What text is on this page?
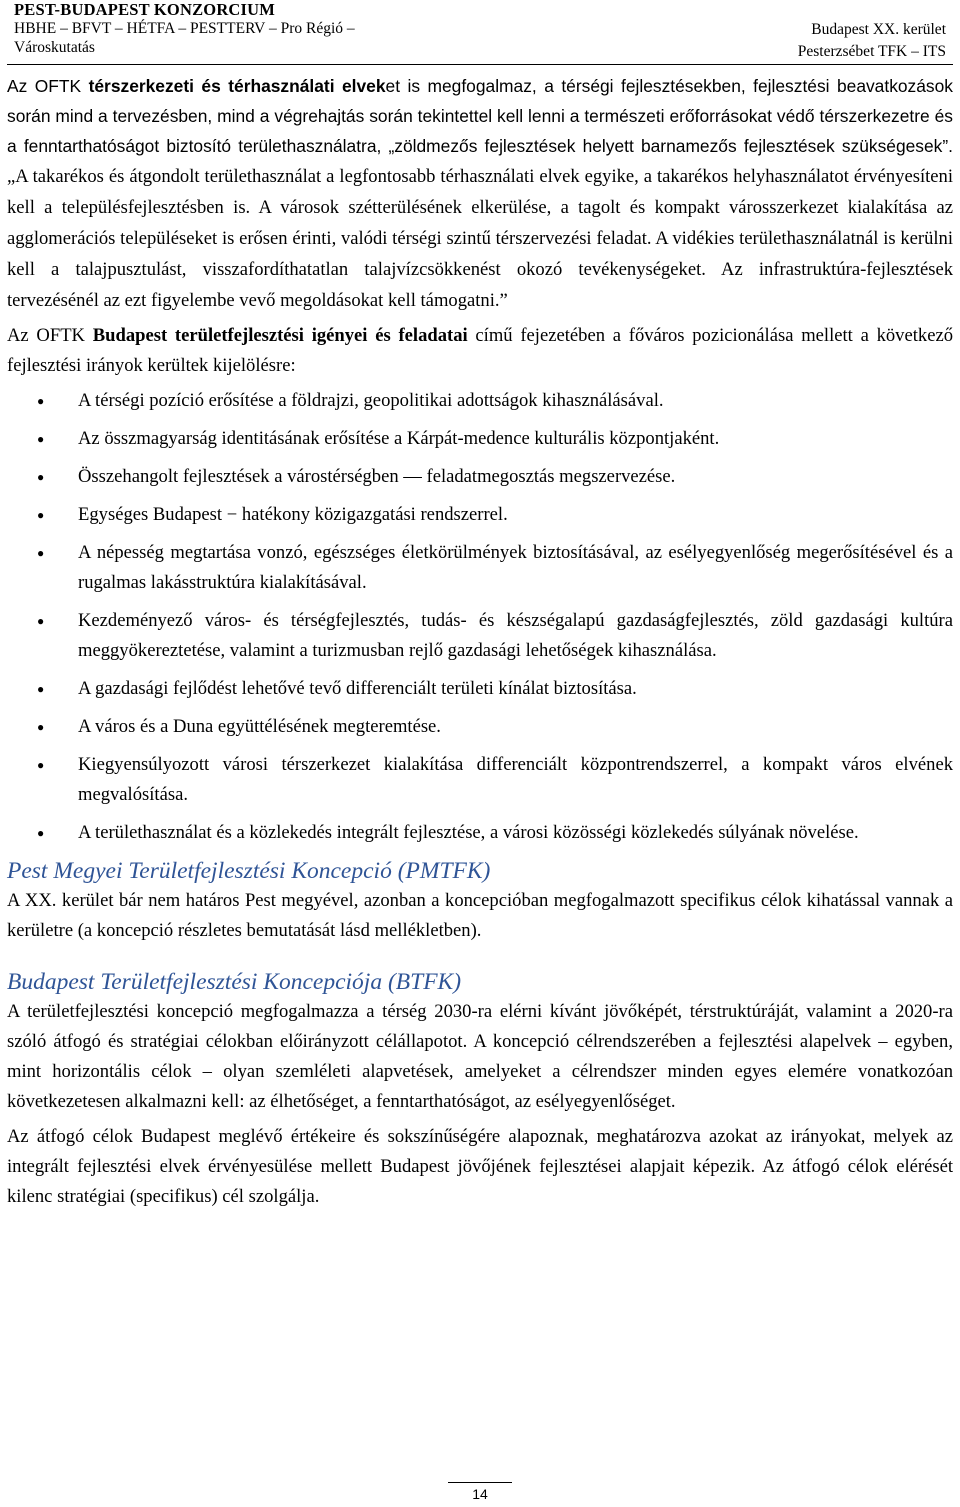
PEST-BUDAPEST KONZORCIUM
HBHE – BFVT – HÉTFA – PESTTERV – Pro Régió –
Városkutatás
Budapest XX. kerület
Pesterzsébet TFK – ITS

Az OFTK térszerkezeti és térhasználati elveket is megfogalmaz, a térségi fejlesztésekben, fejlesztési beavatkozások során mind a tervezésben, mind a végrehajtás során tekintettel kell lenni a természeti erőforrásokat védő térszerkezetre és a fenntarthatóságot biztosító területhasználatra, „zöldmezős fejlesztések helyett barnamezős fejlesztések szükségesek”. „A takarékos és átgondolt területhasználat a legfontosabb térhasználati elvek egyike, a takarékos helyhasználatot érvényesíteni kell a településfejlesztésben is. A városok szétterülésének elkerülése, a tagolt és kompakt városszerkezet kialakítása az agglomerációs településeket is erősen érinti, valódi térségi szintű térszervezési feladat. A vidékies területhasználatnál is kerülni kell a talajpusztulást, visszafordíthatatlan talajvízcsökkenést okozó tevékenységeket. Az infrastruktúra-fejlesztések tervezésénél az ezt figyelembe vevő megoldásokat kell támogatni.”

Az OFTK Budapest területfejlesztési igényei és feladatai című fejezetében a főváros pozicionálása mellett a következő fejlesztési irányok kerültek kijelölésre:

● A térségi pozíció erősítése a földrajzi, geopolitikai adottságok kihasználásával.
● Az összmagyarság identitásának erősítése a Kárpát-medence kulturális központjaként.
● Összehangolt fejlesztések a várostérségben ― feladatmegosztás megszervezése.
● Egységes Budapest − hatékony közigazgatási rendszerrel.
● A népesség megtartása vonzó, egészséges életkörülmények biztosításával, az esélyegyenlőség megerősítésével és a rugalmas lakásstruktúra kialakításával.
● Kezdeményező város- és térségfejlesztés, tudás- és készségalapú gazdaságfejlesztés, zöld gazdasági kultúra meggyökereztetése, valamint a turizmusban rejlő gazdasági lehetőségek kihasználása.
● A gazdasági fejlődést lehetővé tevő differenciált területi kínálat biztosítása.
● A város és a Duna együttélésének megteremtése.
● Kiegyensúlyozott városi térszerkezet kialakítása differenciált központrendszerrel, a kompakt város elvének megvalósítása.
● A területhasználat és a közlekedés integrált fejlesztése, a városi közösségi közlekedés súlyának növelése.
Pest Megyei Területfejlesztési Koncepció (PMTFK)

A XX. kerület bár nem határos Pest megyével, azonban a koncepcióban megfogalmazott specifikus célok kihatással vannak a kerületre (a koncepció részletes bemutatását lásd mellékletben).

Budapest Területfejlesztési Koncepciója (BTFK)

A területfejlesztési koncepció megfogalmazza a térség 2030-ra elérni kívánt jövőképét, térstruktúráját, valamint a 2020-ra szóló átfogó és stratégiai célokban előirányzott célállapotot. A koncepció célrendszerében a fejlesztési alapelvek – egyben, mint horizontális célok – olyan szemléleti alapvetések, amelyeket a célrendszer minden egyes elemére vonatkozóan következetesen alkalmazni kell: az élhetőséget, a fenntarthatóságot, az esélyegyenlőséget.

Az átfogó célok Budapest meglévő értékeire és sokszínűségére alapoznak, meghatározva azokat az irányokat, melyek az integrált fejlesztési elvek érvényesülése mellett Budapest jövőjének fejlesztései alapjait képezik. Az átfogó célok elérését kilenc stratégiai (specifikus) cél szolgálja.

14
